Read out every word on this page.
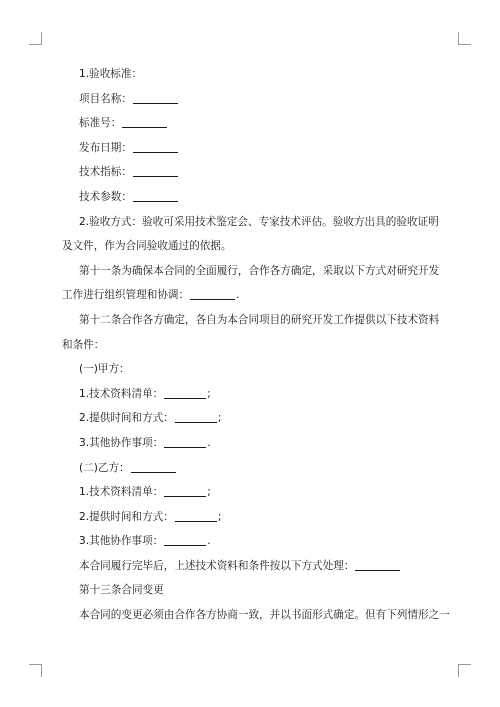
1.验收标准：

项目名称：

标准号：

发布日期：

技术指标：

技术参数：

2.验收方式：验收可采用技术鉴定会、专家技术评估。验收方出具的验收证明及文件，作为合同验收通过的依据。

第十一条为确保本合同的全面履行，合作各方确定，采取以下方式对研究开发工作进行组织管理和协调：	.

第十二条合作各方确定，各自为本合同项目的研究开发工作提供以下技术资料和条件：

(一)甲方：

1.技术资料清单：	;

2.提供时间和方式：	;

3.其他协作事项：	.

(二)乙方：

1.技术资料清单：	;

2.提供时间和方式：	;

3.其他协作事项：	.

本合同履行完毕后，上述技术资料和条件按以下方式处理：

第十三条合同变更

本合同的变更必须由合作各方协商一致，并以书面形式确定。但有下列情形之一
